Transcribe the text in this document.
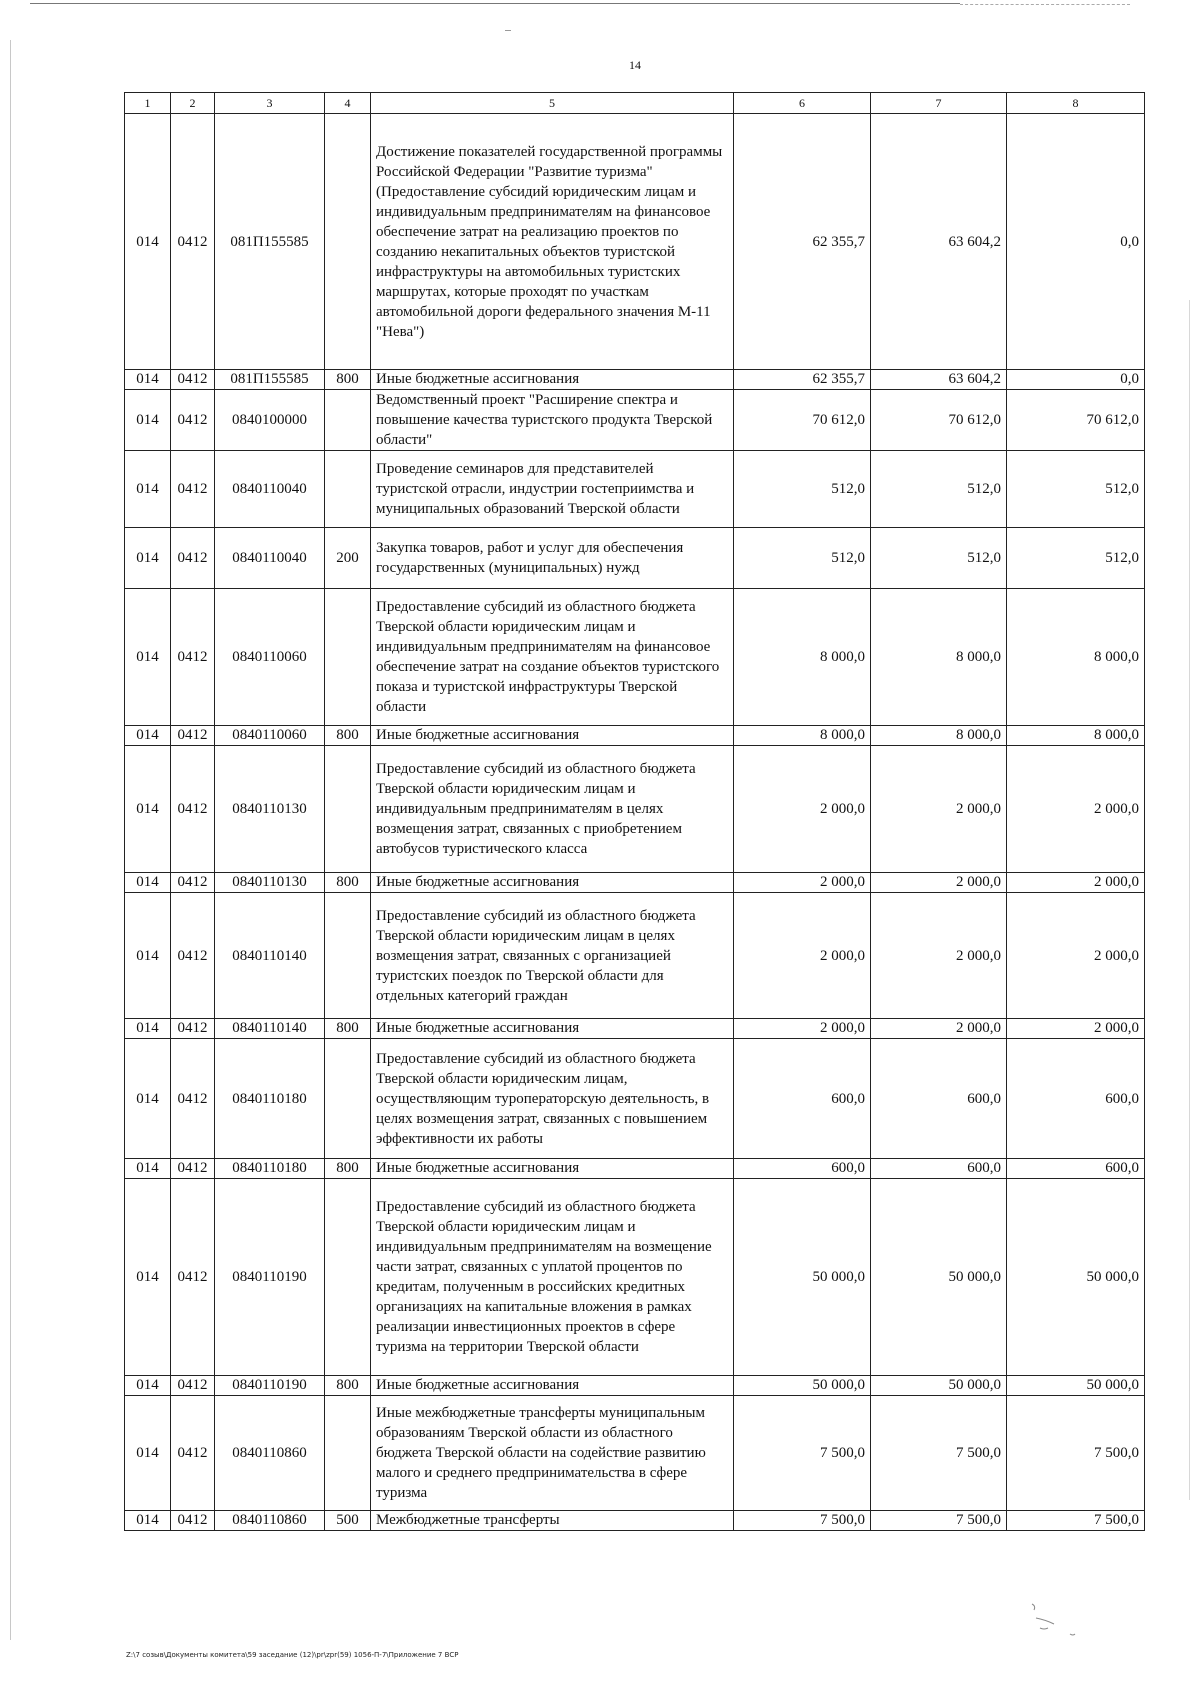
14
1	2	3	4	5	6	7	8
014	0412	081П155585		Достижение показателей государственной программы Российской Федерации "Развитие туризма" (Предоставление субсидий юридическим лицам и индивидуальным предпринимателям на финансовое обеспечение затрат на реализацию проектов по созданию некапитальных объектов туристской инфраструктуры на автомобильных туристских маршрутах, которые проходят по участкам автомобильной дороги федерального значения М-11 "Нева")	62 355,7	63 604,2	0,0
014	0412	081П155585	800	Иные бюджетные ассигнования	62 355,7	63 604,2	0,0
014	0412	0840100000		Ведомственный проект "Расширение спектра и повышение качества туристского продукта Тверской области"	70 612,0	70 612,0	70 612,0
014	0412	0840110040		Проведение семинаров для представителей туристской отрасли, индустрии гостеприимства и муниципальных образований Тверской области	512,0	512,0	512,0
014	0412	0840110040	200	Закупка товаров, работ и услуг для обеспечения государственных (муниципальных) нужд	512,0	512,0	512,0
014	0412	0840110060		Предоставление субсидий из областного бюджета Тверской области юридическим лицам и индивидуальным предпринимателям на финансовое обеспечение затрат на создание объектов туристского показа и туристской инфраструктуры Тверской области	8 000,0	8 000,0	8 000,0
014	0412	0840110060	800	Иные бюджетные ассигнования	8 000,0	8 000,0	8 000,0
014	0412	0840110130		Предоставление субсидий из областного бюджета Тверской области юридическим лицам и индивидуальным предпринимателям в целях возмещения затрат, связанных с приобретением автобусов туристического класса	2 000,0	2 000,0	2 000,0
014	0412	0840110130	800	Иные бюджетные ассигнования	2 000,0	2 000,0	2 000,0
014	0412	0840110140		Предоставление субсидий из областного бюджета Тверской области юридическим лицам в целях возмещения затрат, связанных с организацией туристских поездок по Тверской области для отдельных категорий граждан	2 000,0	2 000,0	2 000,0
014	0412	0840110140	800	Иные бюджетные ассигнования	2 000,0	2 000,0	2 000,0
014	0412	0840110180		Предоставление субсидий из областного бюджета Тверской области юридическим лицам, осуществляющим туроператорскую деятельность, в целях возмещения затрат, связанных с повышением эффективности их работы	600,0	600,0	600,0
014	0412	0840110180	800	Иные бюджетные ассигнования	600,0	600,0	600,0
014	0412	0840110190		Предоставление субсидий из областного бюджета Тверской области юридическим лицам и индивидуальным предпринимателям на возмещение части затрат, связанных с уплатой процентов по кредитам, полученным в российских кредитных организациях на капитальные вложения в рамках реализации инвестиционных проектов в сфере туризма на территории Тверской области	50 000,0	50 000,0	50 000,0
014	0412	0840110190	800	Иные бюджетные ассигнования	50 000,0	50 000,0	50 000,0
014	0412	0840110860		Иные межбюджетные трансферты муниципальным образованиям Тверской области из областного бюджета Тверской области на содействие развитию малого и среднего предпринимательства в сфере туризма	7 500,0	7 500,0	7 500,0
014	0412	0840110860	500	Межбюджетные трансферты	7 500,0	7 500,0	7 500,0
Z:\7 созыв\Документы комитета\59 заседание (12)\pr\zpr(59) 1056-П-7\Приложение 7 ВСР
